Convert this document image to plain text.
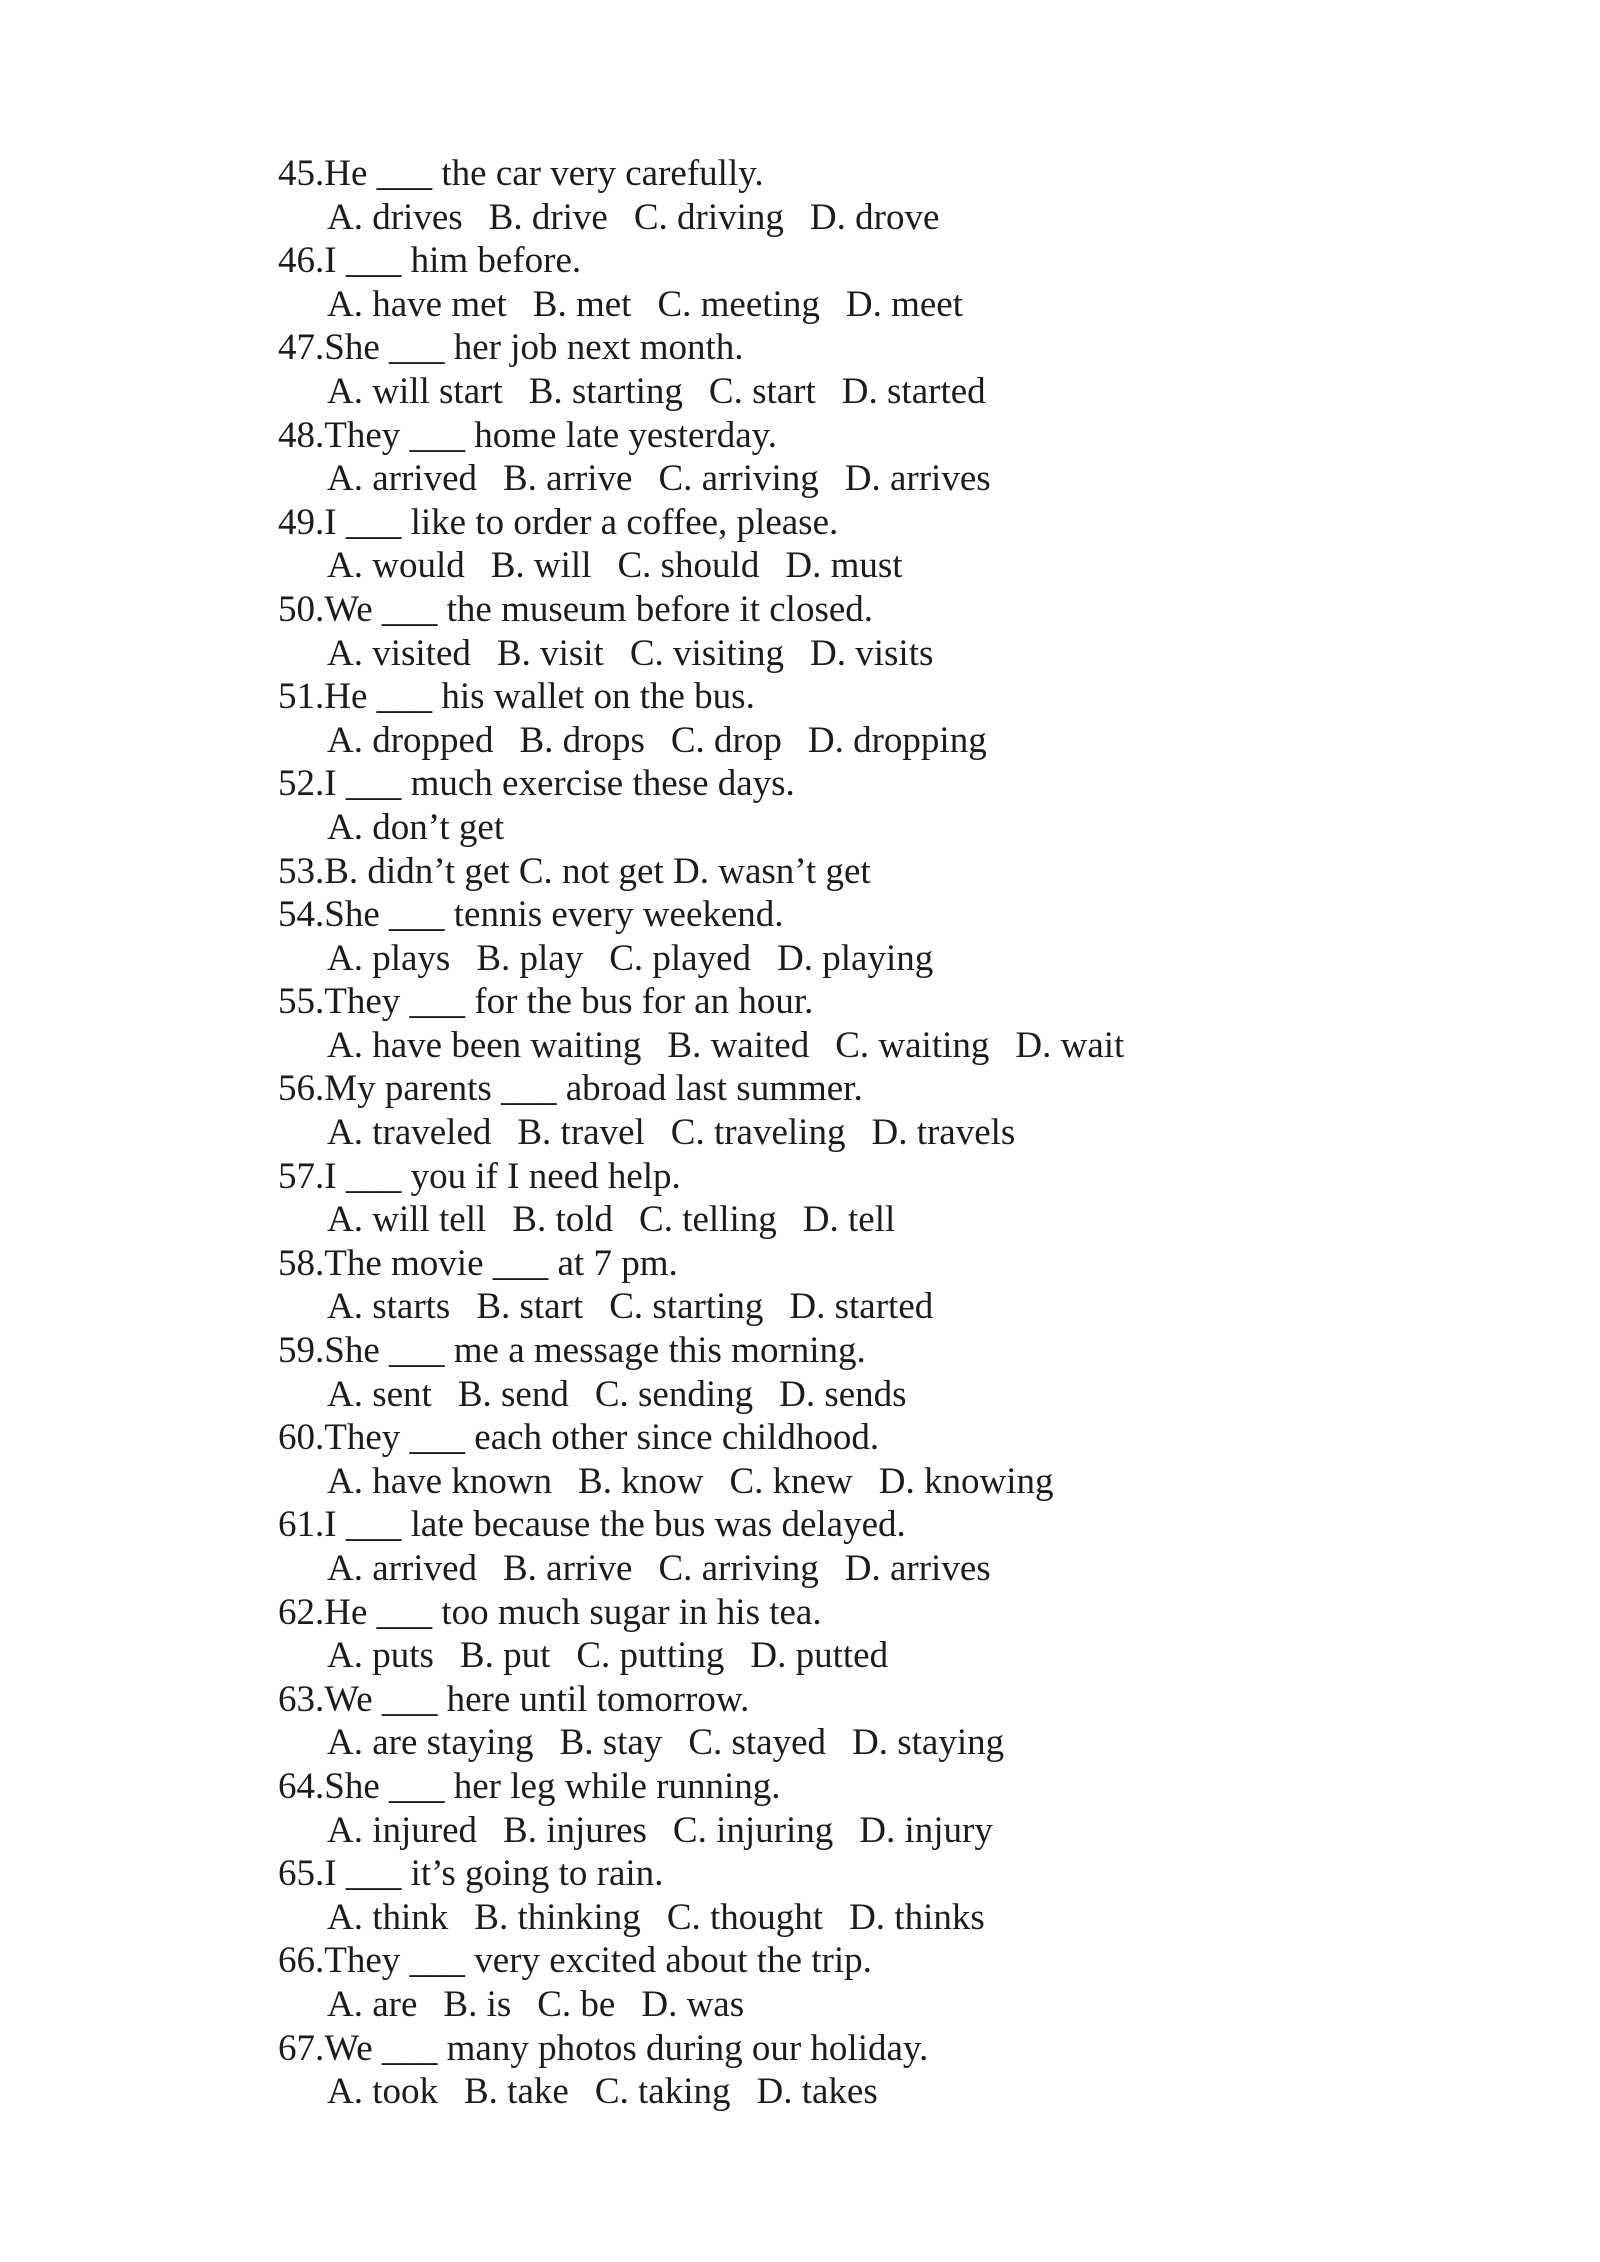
45.He ___ the car very carefully.
A. drives B. drive C. driving D. drove
46.I ___ him before.
A. have met B. met C. meeting D. meet
47.She ___ her job next month.
A. will start B. starting C. start D. started
48.They ___ home late yesterday.
A. arrived B. arrive C. arriving D. arrives
49.I ___ like to order a coffee, please.
A. would B. will C. should D. must
50.We ___ the museum before it closed.
A. visited B. visit C. visiting D. visits
51.He ___ his wallet on the bus.
A. dropped B. drops C. drop D. dropping
52.I ___ much exercise these days.
A. don’t get
53.B. didn’t get C. not get D. wasn’t get
54.She ___ tennis every weekend.
A. plays B. play C. played D. playing
55.They ___ for the bus for an hour.
A. have been waiting B. waited C. waiting D. wait
56.My parents ___ abroad last summer.
A. traveled B. travel C. traveling D. travels
57.I ___ you if I need help.
A. will tell B. told C. telling D. tell
58.The movie ___ at 7 pm.
A. starts B. start C. starting D. started
59.She ___ me a message this morning.
A. sent B. send C. sending D. sends
60.They ___ each other since childhood.
A. have known B. know C. knew D. knowing
61.I ___ late because the bus was delayed.
A. arrived B. arrive C. arriving D. arrives
62.He ___ too much sugar in his tea.
A. puts B. put C. putting D. putted
63.We ___ here until tomorrow.
A. are staying B. stay C. stayed D. staying
64.She ___ her leg while running.
A. injured B. injures C. injuring D. injury
65.I ___ it’s going to rain.
A. think B. thinking C. thought D. thinks
66.They ___ very excited about the trip.
A. are B. is C. be D. was
67.We ___ many photos during our holiday.
A. took B. take C. taking D. takes
